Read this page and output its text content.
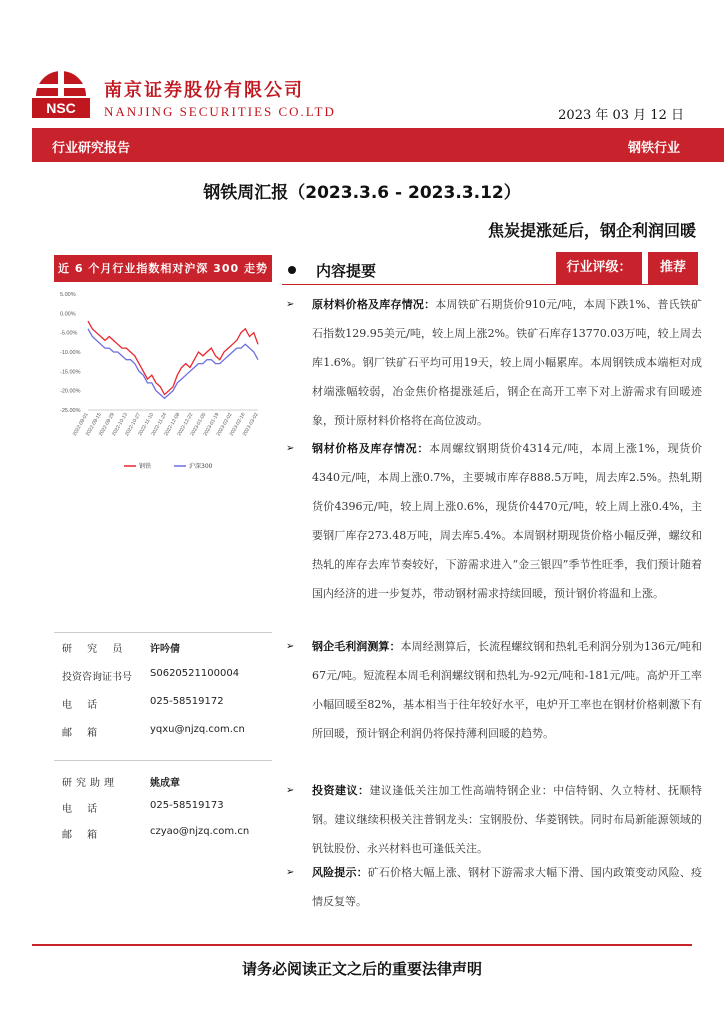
NSC
南京证券股份有限公司
NANJING SECURITIES CO.LTD	2023 年 03 月 12 日
行业研究报告	钢铁行业
钢铁周汇报（2023.3.6 - 2023.3.12）
焦炭提涨延后，钢企利润回暖
近 6 个月行业指数相对沪深 300 走势
5.00%
0.00%
-5.00%
-10.00%
-15.00%
-20.00%
-25.00%
2022-09-01
2022-09-15
2022-09-29
2022-10-13
2022-10-27
2022-11-10
2022-11-24
2022-12-08
2022-12-22
2023-01-05
2023-01-19
2023-02-02
2023-02-16
2023-03-02
钢铁	沪深300
研 究 员	许吟倩
投资咨询证书号	S0620521100004
电 话	025-58519172
邮 箱	yqxu@njzq.com.cn
研究助理	姚成章
电 话	025-58519173
邮 箱	czyao@njzq.com.cn
内容提要	行业评级：	推荐
➢ 原材料价格及库存情况：本周铁矿石期货价910元/吨，本周下跌1%、普氏铁矿石指数129.95美元/吨，较上周上涨2%。铁矿石库存13770.03万吨，较上周去库1.6%。钢厂铁矿石平均可用19天，较上周小幅累库。本周钢铁成本端柜对成材端涨幅较弱，冶金焦价格提涨延后，钢企在高开工率下对上游需求有回暖迹象，预计原材料价格将在高位波动。
➢ 钢材价格及库存情况：本周螺纹钢期货价4314元/吨，本周上涨1%，现货价4340元/吨，本周上涨0.7%，主要城市库存888.5万吨，周去库2.5%。热轧期货价4396元/吨，较上周上涨0.6%，现货价4470元/吨，较上周上涨0.4%，主要钢厂库存273.48万吨，周去库5.4%。本周钢材期现货价格小幅反弹，螺纹和热轧的库存去库节奏较好，下游需求进入“金三银四”季节性旺季，我们预计随着国内经济的进一步复苏，带动钢材需求持续回暖，预计钢价将温和上涨。
➢ 钢企毛利润测算：本周经测算后，长流程螺纹钢和热轧毛利润分别为136元/吨和67元/吨。短流程本周毛利润螺纹钢和热轧为-92元/吨和-181元/吨。高炉开工率小幅回暖至82%，基本相当于往年较好水平，电炉开工率也在钢材价格刺激下有所回暖，预计钢企利润仍将保持薄利回暖的趋势。
➢ 投资建议：建议逢低关注加工性高端特钢企业：中信特钢、久立特材、抚顺特钢。建议继续积极关注普钢龙头：宝钢股份、华菱钢铁。同时布局新能源领域的钒钛股份、永兴材料也可逢低关注。
➢ 风险提示：矿石价格大幅上涨、钢材下游需求大幅下滑、国内政策变动风险、疫情反复等。
请务必阅读正文之后的重要法律声明
